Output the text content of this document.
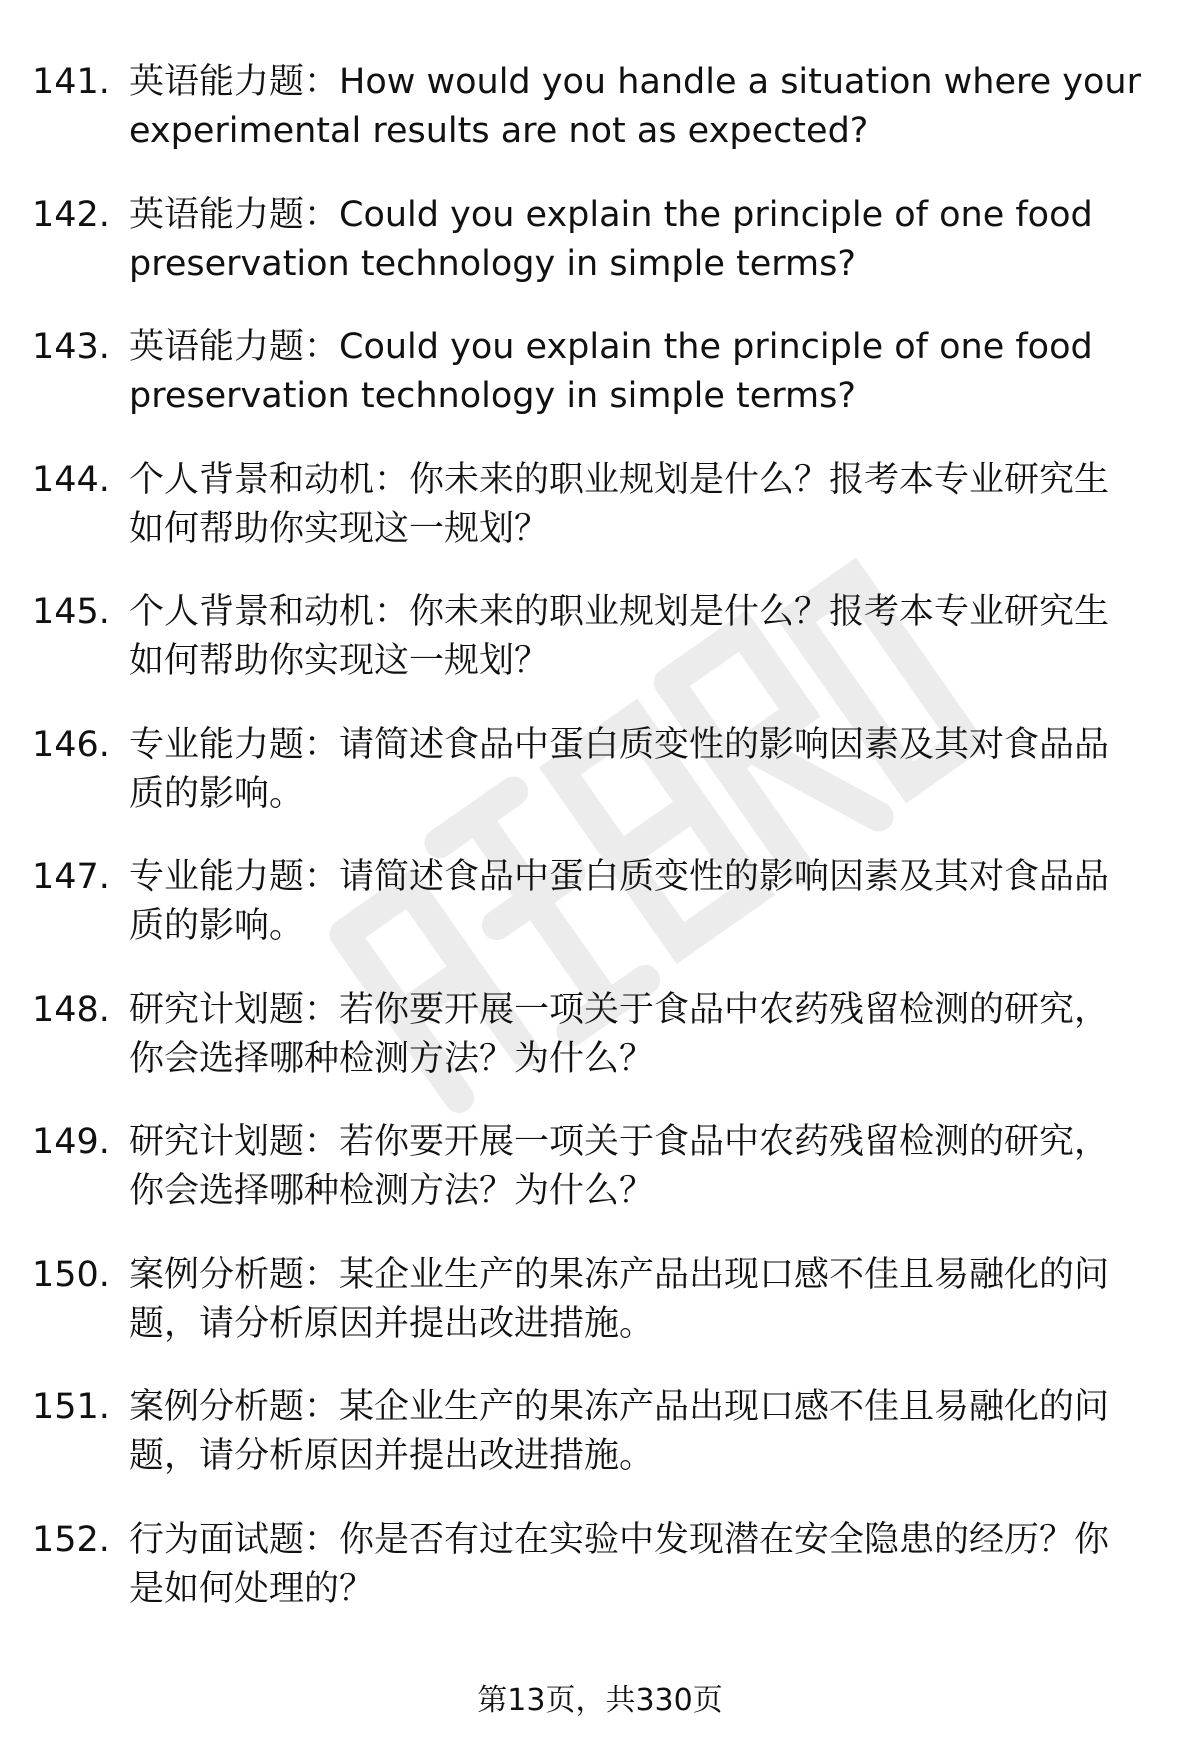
141. 英语能力题：How would you handle a situation where your
experimental results are not as expected?
142. 英语能力题：Could you explain the principle of one food
preservation technology in simple terms?
143. 英语能力题：Could you explain the principle of one food
preservation technology in simple terms?
144. 个人背景和动机：你未来的职业规划是什么？报考本专业研究生
如何帮助你实现这一规划？
145. 个人背景和动机：你未来的职业规划是什么？报考本专业研究生
如何帮助你实现这一规划？
146. 专业能力题：请简述食品中蛋白质变性的影响因素及其对食品品
质的影响。
147. 专业能力题：请简述食品中蛋白质变性的影响因素及其对食品品
质的影响。
148. 研究计划题：若你要开展一项关于食品中农药残留检测的研究，
你会选择哪种检测方法？为什么？
149. 研究计划题：若你要开展一项关于食品中农药残留检测的研究，
你会选择哪种检测方法？为什么？
150. 案例分析题：某企业生产的果冻产品出现口感不佳且易融化的问
题，请分析原因并提出改进措施。
151. 案例分析题：某企业生产的果冻产品出现口感不佳且易融化的问
题，请分析原因并提出改进措施。
152. 行为面试题：你是否有过在实验中发现潜在安全隐患的经历？你
是如何处理的？
第13页，共330页
